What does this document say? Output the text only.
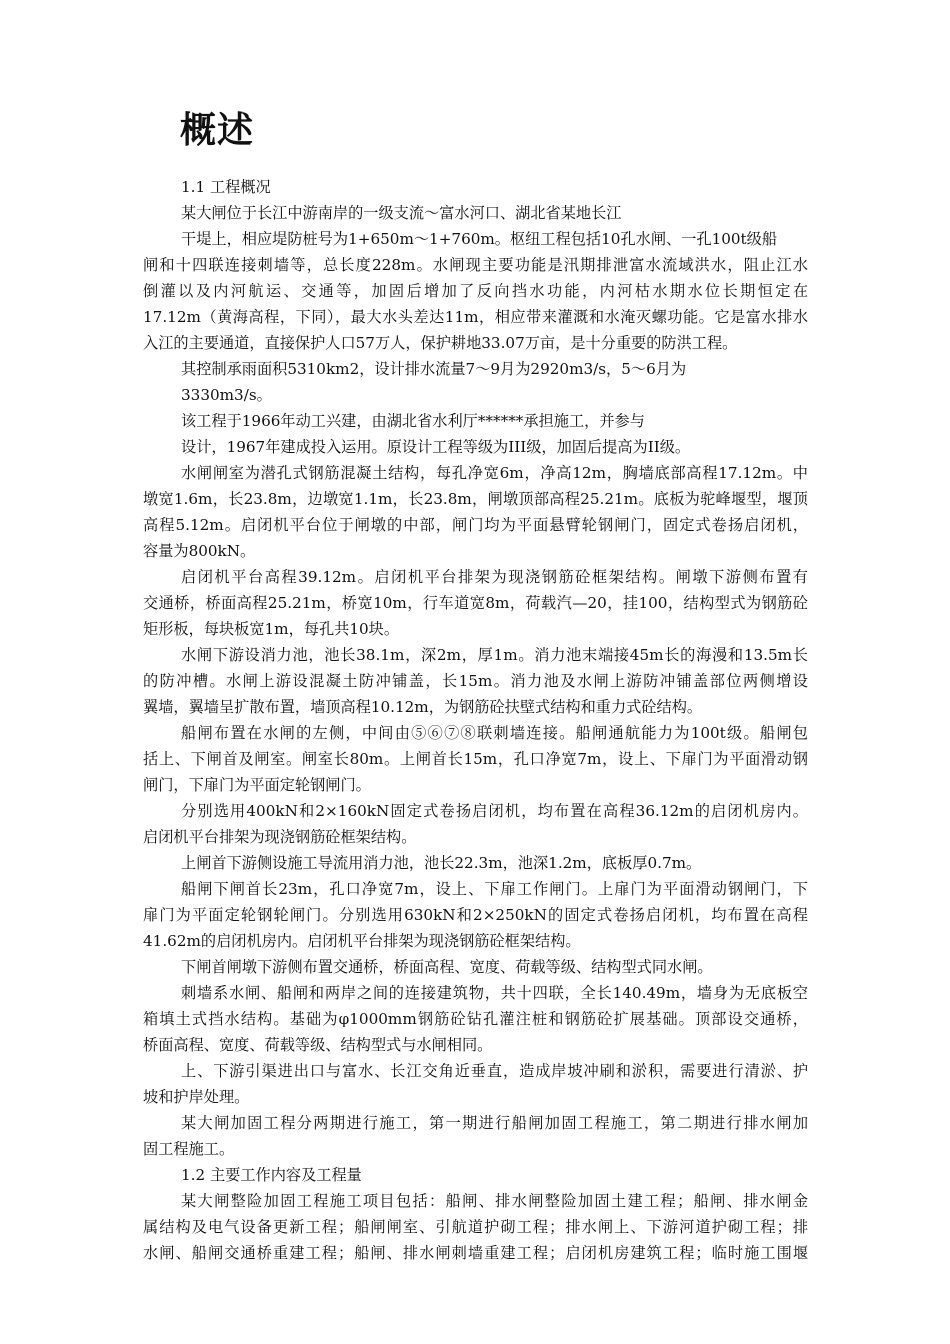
概述
1.1 工程概况
某大闸位于长江中游南岸的一级支流～富水河口、湖北省某地长江
干堤上，相应堤防桩号为1+650m～1+760m。枢纽工程包括10孔水闸、一孔100t级船
闸和十四联连接刺墙等，总长度228m。水闸现主要功能是汛期排泄富水流域洪水，阻止江水
倒灌以及内河航运、交通等，加固后增加了反向挡水功能，内河枯水期水位长期恒定在
17.12m（黄海高程，下同），最大水头差达11m，相应带来灌溉和水淹灭螺功能。它是富水排水
入江的主要通道，直接保护人口57万人，保护耕地33.07万亩，是十分重要的防洪工程。
其控制承雨面积5310km2，设计排水流量7～9月为2920m3/s，5～6月为
3330m3/s。
该工程于1966年动工兴建，由湖北省水利厅******承担施工，并参与
设计，1967年建成投入运用。原设计工程等级为III级，加固后提高为II级。
水闸闸室为潜孔式钢筋混凝土结构，每孔净宽6m，净高12m，胸墙底部高程17.12m。中
墩宽1.6m，长23.8m，边墩宽1.1m，长23.8m，闸墩顶部高程25.21m。底板为驼峰堰型，堰顶
高程5.12m。启闭机平台位于闸墩的中部，闸门均为平面悬臂轮钢闸门，固定式卷扬启闭机，
容量为800kN。
启闭机平台高程39.12m。启闭机平台排架为现浇钢筋砼框架结构。闸墩下游侧布置有
交通桥，桥面高程25.21m，桥宽10m，行车道宽8m，荷载汽—20，挂100，结构型式为钢筋砼
矩形板，每块板宽1m，每孔共10块。
水闸下游设消力池，池长38.1m，深2m，厚1m。消力池末端接45m长的海漫和13.5m长
的防冲槽。水闸上游设混凝土防冲铺盖，长15m。消力池及水闸上游防冲铺盖部位两侧增设
翼墙，翼墙呈扩散布置，墙顶高程10.12m，为钢筋砼扶壁式结构和重力式砼结构。
船闸布置在水闸的左侧，中间由⑤⑥⑦⑧联刺墙连接。船闸通航能力为100t级。船闸包
括上、下闸首及闸室。闸室长80m。上闸首长15m，孔口净宽7m，设上、下扉门为平面滑动钢
闸门，下扉门为平面定轮钢闸门。
分别选用400kN和2×160kN固定式卷扬启闭机，均布置在高程36.12m的启闭机房内。
启闭机平台排架为现浇钢筋砼框架结构。
上闸首下游侧设施工导流用消力池，池长22.3m，池深1.2m，底板厚0.7m。
船闸下闸首长23m，孔口净宽7m，设上、下扉工作闸门。上扉门为平面滑动钢闸门，下
扉门为平面定轮钢轮闸门。分别选用630kN和2×250kN的固定式卷扬启闭机，均布置在高程
41.62m的启闭机房内。启闭机平台排架为现浇钢筋砼框架结构。
下闸首闸墩下游侧布置交通桥，桥面高程、宽度、荷载等级、结构型式同水闸。
刺墙系水闸、船闸和两岸之间的连接建筑物，共十四联，全长140.49m，墙身为无底板空
箱填土式挡水结构。基础为φ1000mm钢筋砼钻孔灌注桩和钢筋砼扩展基础。顶部设交通桥，
桥面高程、宽度、荷载等级、结构型式与水闸相同。
上、下游引渠进出口与富水、长江交角近垂直，造成岸坡冲刷和淤积，需要进行清淤、护
坡和护岸处理。
某大闸加固工程分两期进行施工，第一期进行船闸加固工程施工，第二期进行排水闸加
固工程施工。
1.2 主要工作内容及工程量
某大闸整险加固工程施工项目包括：船闸、排水闸整险加固土建工程；船闸、排水闸金
属结构及电气设备更新工程；船闸闸室、引航道护砌工程；排水闸上、下游河道护砌工程；排
水闸、船闸交通桥重建工程；船闸、排水闸刺墙重建工程；启闭机房建筑工程；临时施工围堰
